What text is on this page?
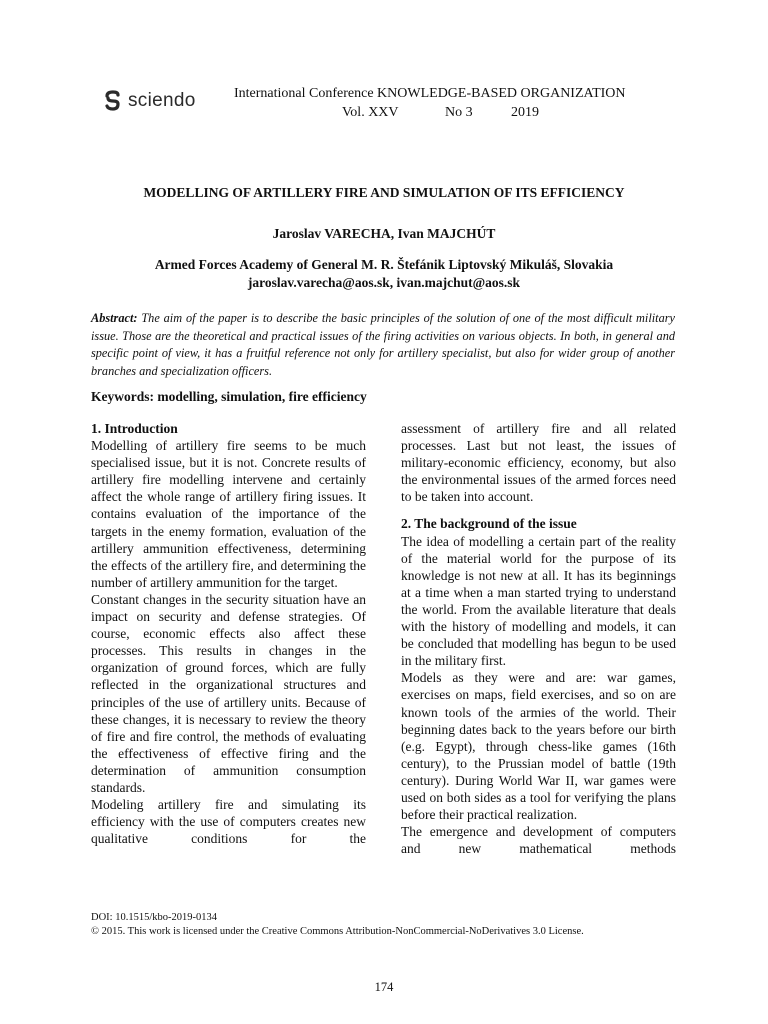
sciendo	International Conference KNOWLEDGE-BASED ORGANIZATION
Vol. XXV	No 3	2019
MODELLING OF ARTILLERY FIRE AND SIMULATION OF ITS EFFICIENCY
Jaroslav VARECHA, Ivan MAJCHÚT
Armed Forces Academy of General M. R. Štefánik Liptovský Mikuláš, Slovakia
jaroslav.varecha@aos.sk, ivan.majchut@aos.sk
Abstract: The aim of the paper is to describe the basic principles of the solution of one of the most difficult military issue. Those are the theoretical and practical issues of the firing activities on various objects. In both, in general and specific point of view, it has a fruitful reference not only for artillery specialist, but also for wider group of another branches and specialization officers.
Keywords: modelling, simulation, fire efficiency
1. Introduction

Modelling of artillery fire seems to be much specialised issue, but it is not. Concrete results of artillery fire modelling intervene and certainly affect the whole range of artillery firing issues. It contains evaluation of the importance of the targets in the enemy formation, evaluation of the artillery ammunition effectiveness, determining the effects of the artillery fire, and determining the number of artillery ammunition for the target.

Constant changes in the security situation have an impact on security and defense strategies. Of course, economic effects also affect these processes. This results in changes in the organization of ground forces, which are fully reflected in the organizational structures and principles of the use of artillery units. Because of these changes, it is necessary to review the theory of fire and fire control, the methods of evaluating the effectiveness of effective firing and the determination of ammunition consumption standards.

Modeling artillery fire and simulating its efficiency with the use of computers creates new qualitative conditions for the

assessment of artillery fire and all related processes. Last but not least, the issues of military-economic efficiency, economy, but also the environmental issues of the armed forces need to be taken into account.

2. The background of the issue

The idea of modelling a certain part of the reality of the material world for the purpose of its knowledge is not new at all. It has its beginnings at a time when a man started trying to understand the world. From the available literature that deals with the history of modelling and models, it can be concluded that modelling has begun to be used in the military first.

Models as they were and are: war games, exercises on maps, field exercises, and so on are known tools of the armies of the world. Their beginning dates back to the years before our birth (e.g. Egypt), through chess-like games (16th century), to the Prussian model of battle (19th century). During World War II, war games were used on both sides as a tool for verifying the plans before their practical realization.

The emergence and development of computers and new mathematical methods

DOI: 10.1515/kbo-2019-0134
© 2015. This work is licensed under the Creative Commons Attribution-NonCommercial-NoDerivatives 3.0 License.
174
